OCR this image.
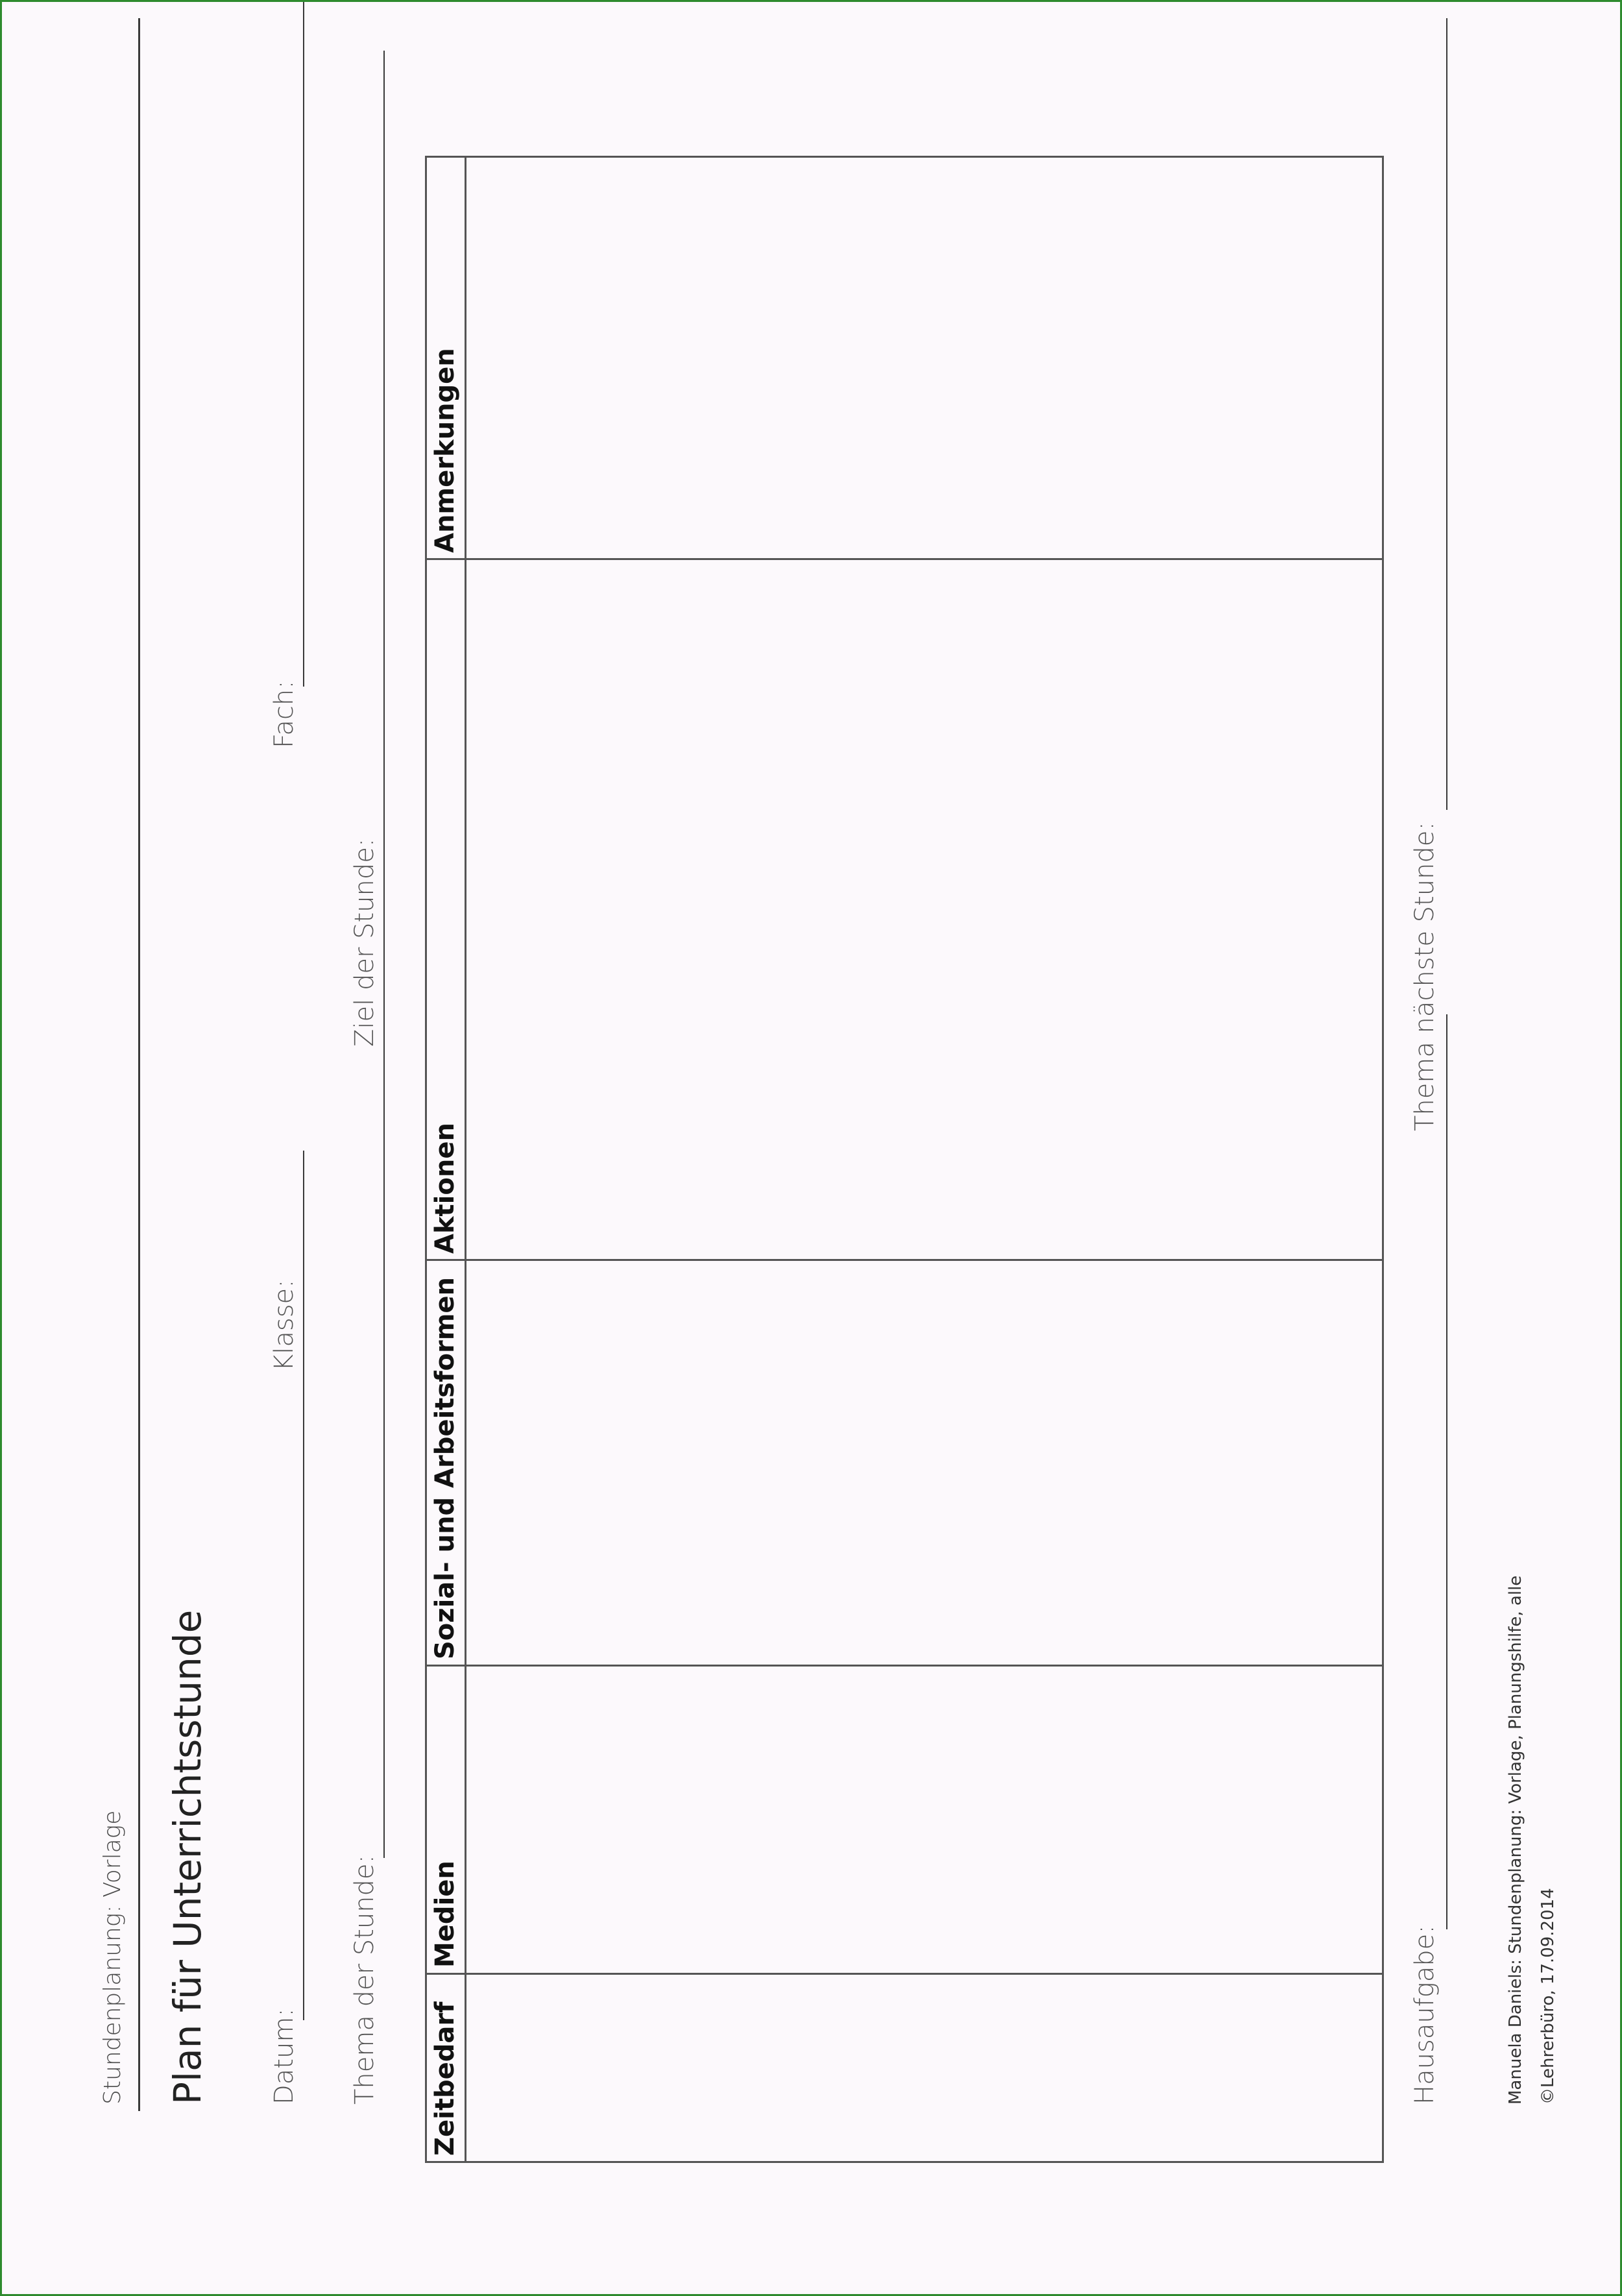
Stundenplanung: Vorlage Plan für Unterrichtsstunde Datum:
Klasse:
Fach:
Thema der Stunde:
Ziel der Stunde:
Zeitbedarf
Medien
Sozial- und Arbeitsformen
Aktionen
Anmerkungen
Hausaufgabe:
Thema nächste Stunde:
Manuela Daniels: Stundenplanung: Vorlage, Planungshilfe, alle ©Lehrerbüro, 17.09.2014
